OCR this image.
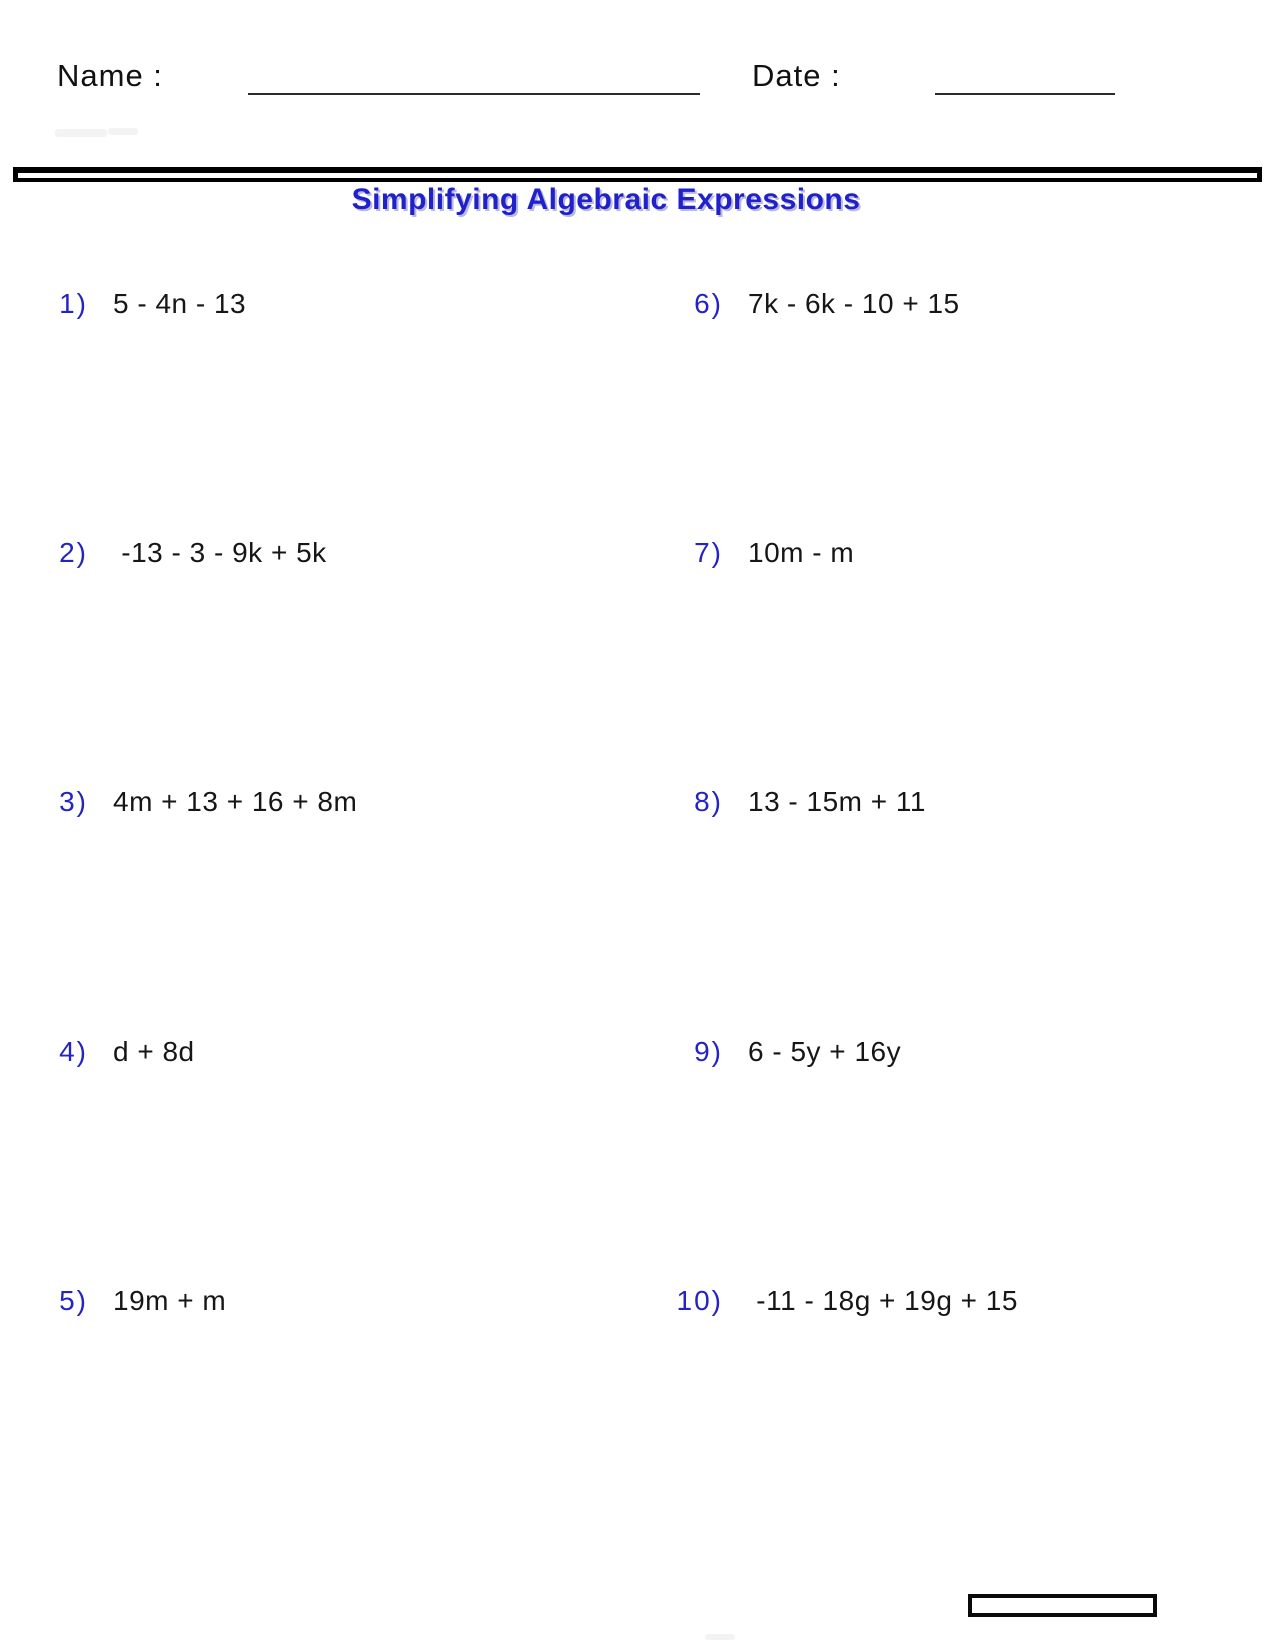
Name :	Date :
Simplifying Algebraic Expressions
1) 5 - 4n - 13
2) -13 - 3 - 9k + 5k
3) 4m + 13 + 16 + 8m
4) d + 8d
5) 19m + m
6) 7k - 6k - 10 + 15
7) 10m - m
8) 13 - 15m + 11
9) 6 - 5y + 16y
10) -11 - 18g + 19g + 15
